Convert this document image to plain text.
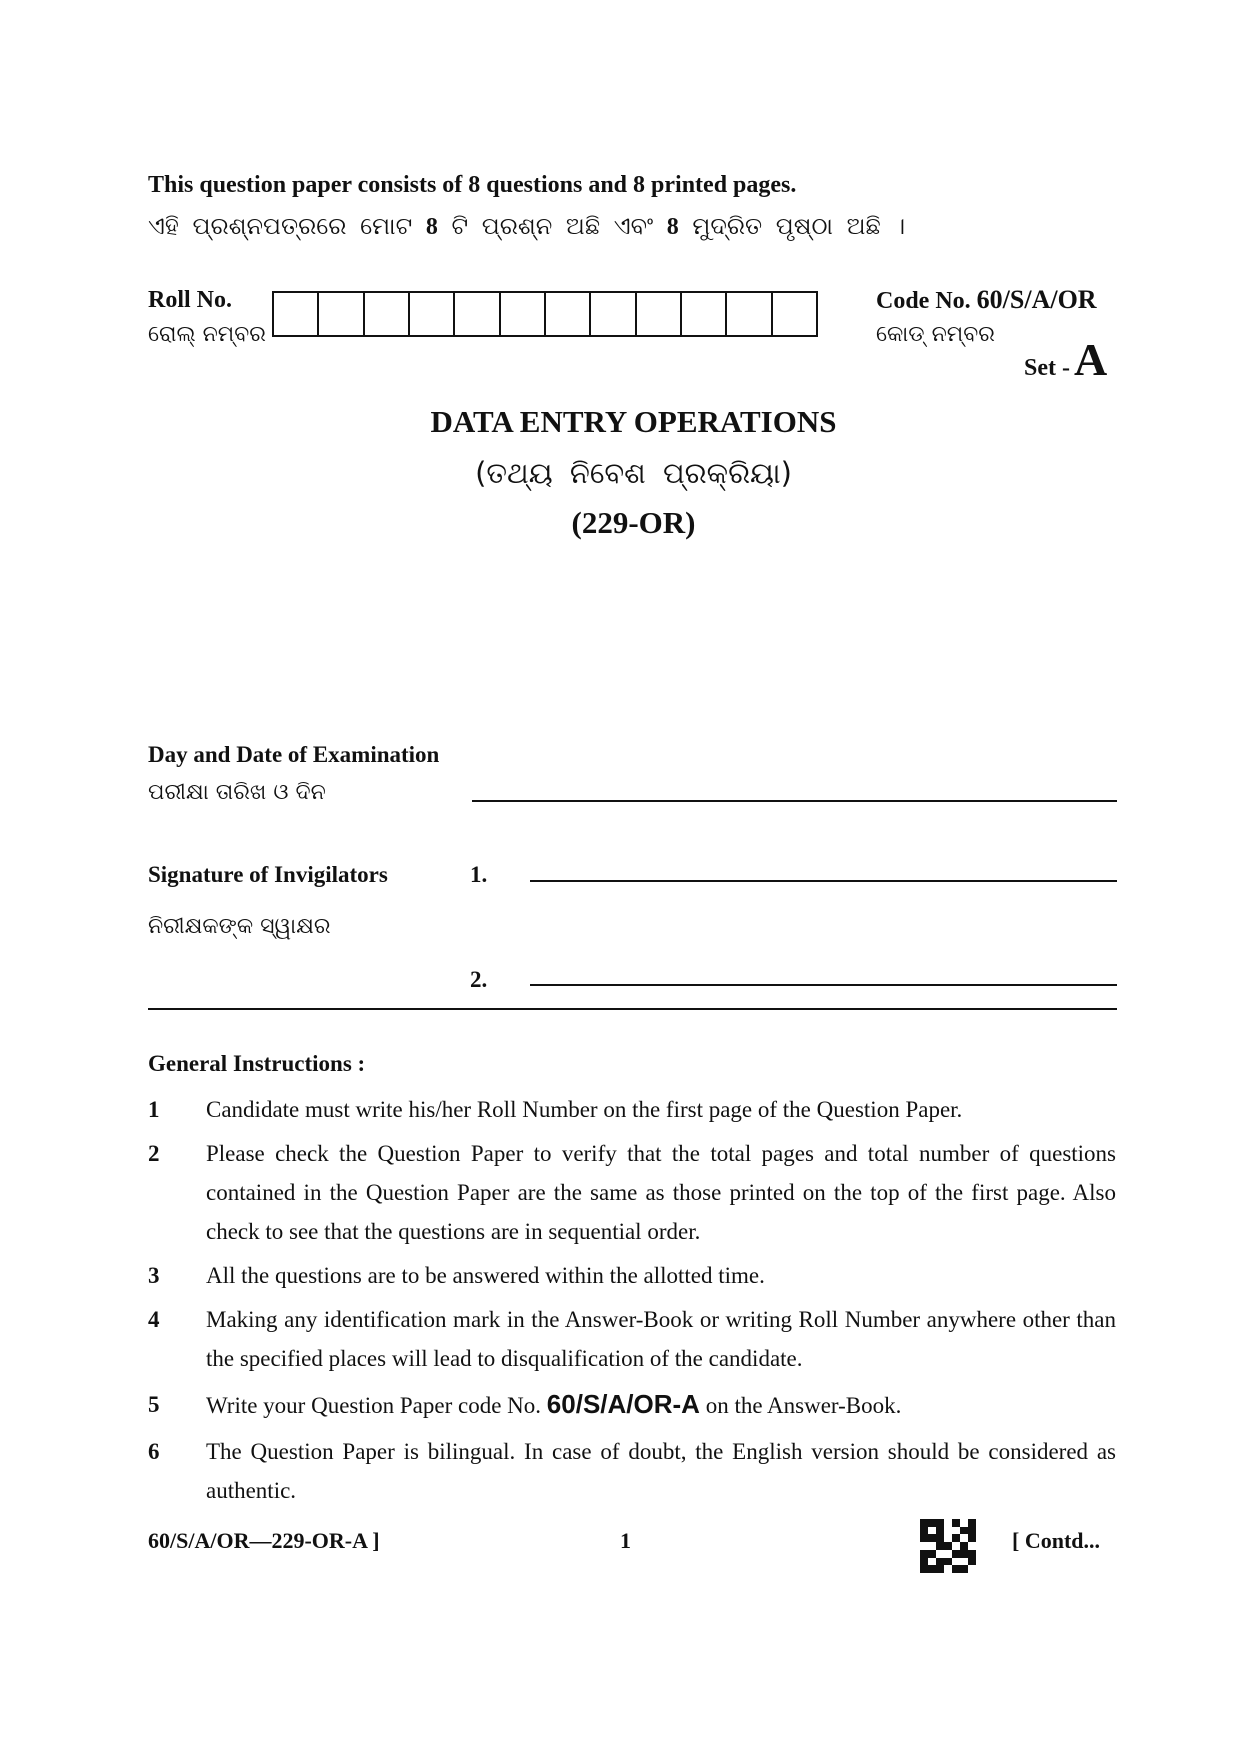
This question paper consists of 8 questions and 8 printed pages.
ଏହି ପ୍ରଶ୍ନପତ୍ରରେ ମୋଟ 8 ଟି ପ୍ରଶ୍ନ ଅଛି ଏବଂ 8 ମୁଦ୍ରିତ ପୃଷ୍ଠା ଅଛି ।
Roll No.
ରୋଲ୍ ନମ୍ବର
Code No. 60/S/A/OR
କୋଡ୍ ନମ୍ବର
Set - A
DATA ENTRY OPERATIONS
(ତଥ୍ୟ ନିବେଶ ପ୍ରକ୍ରିୟା)
(229-OR)
Day and Date of Examination
ପରୀକ୍ଷା ତାରିଖ ଓ ଦିନ
Signature of Invigilators	1.
ନିରୀକ୍ଷକଙ୍କ ସ୍ୱାକ୍ଷର
2.
General Instructions :
1 Candidate must write his/her Roll Number on the first page of the Question Paper.
2 Please check the Question Paper to verify that the total pages and total number of questions contained in the Question Paper are the same as those printed on the top of the first page. Also check to see that the questions are in sequential order.
3 All the questions are to be answered within the allotted time.
4 Making any identification mark in the Answer-Book or writing Roll Number anywhere other than the specified places will lead to disqualification of the candidate.
5 Write your Question Paper code No. 60/S/A/OR-A on the Answer-Book.
6 The Question Paper is bilingual. In case of doubt, the English version should be considered as authentic.
60/S/A/OR—229-OR-A ]	1	[ Contd...
